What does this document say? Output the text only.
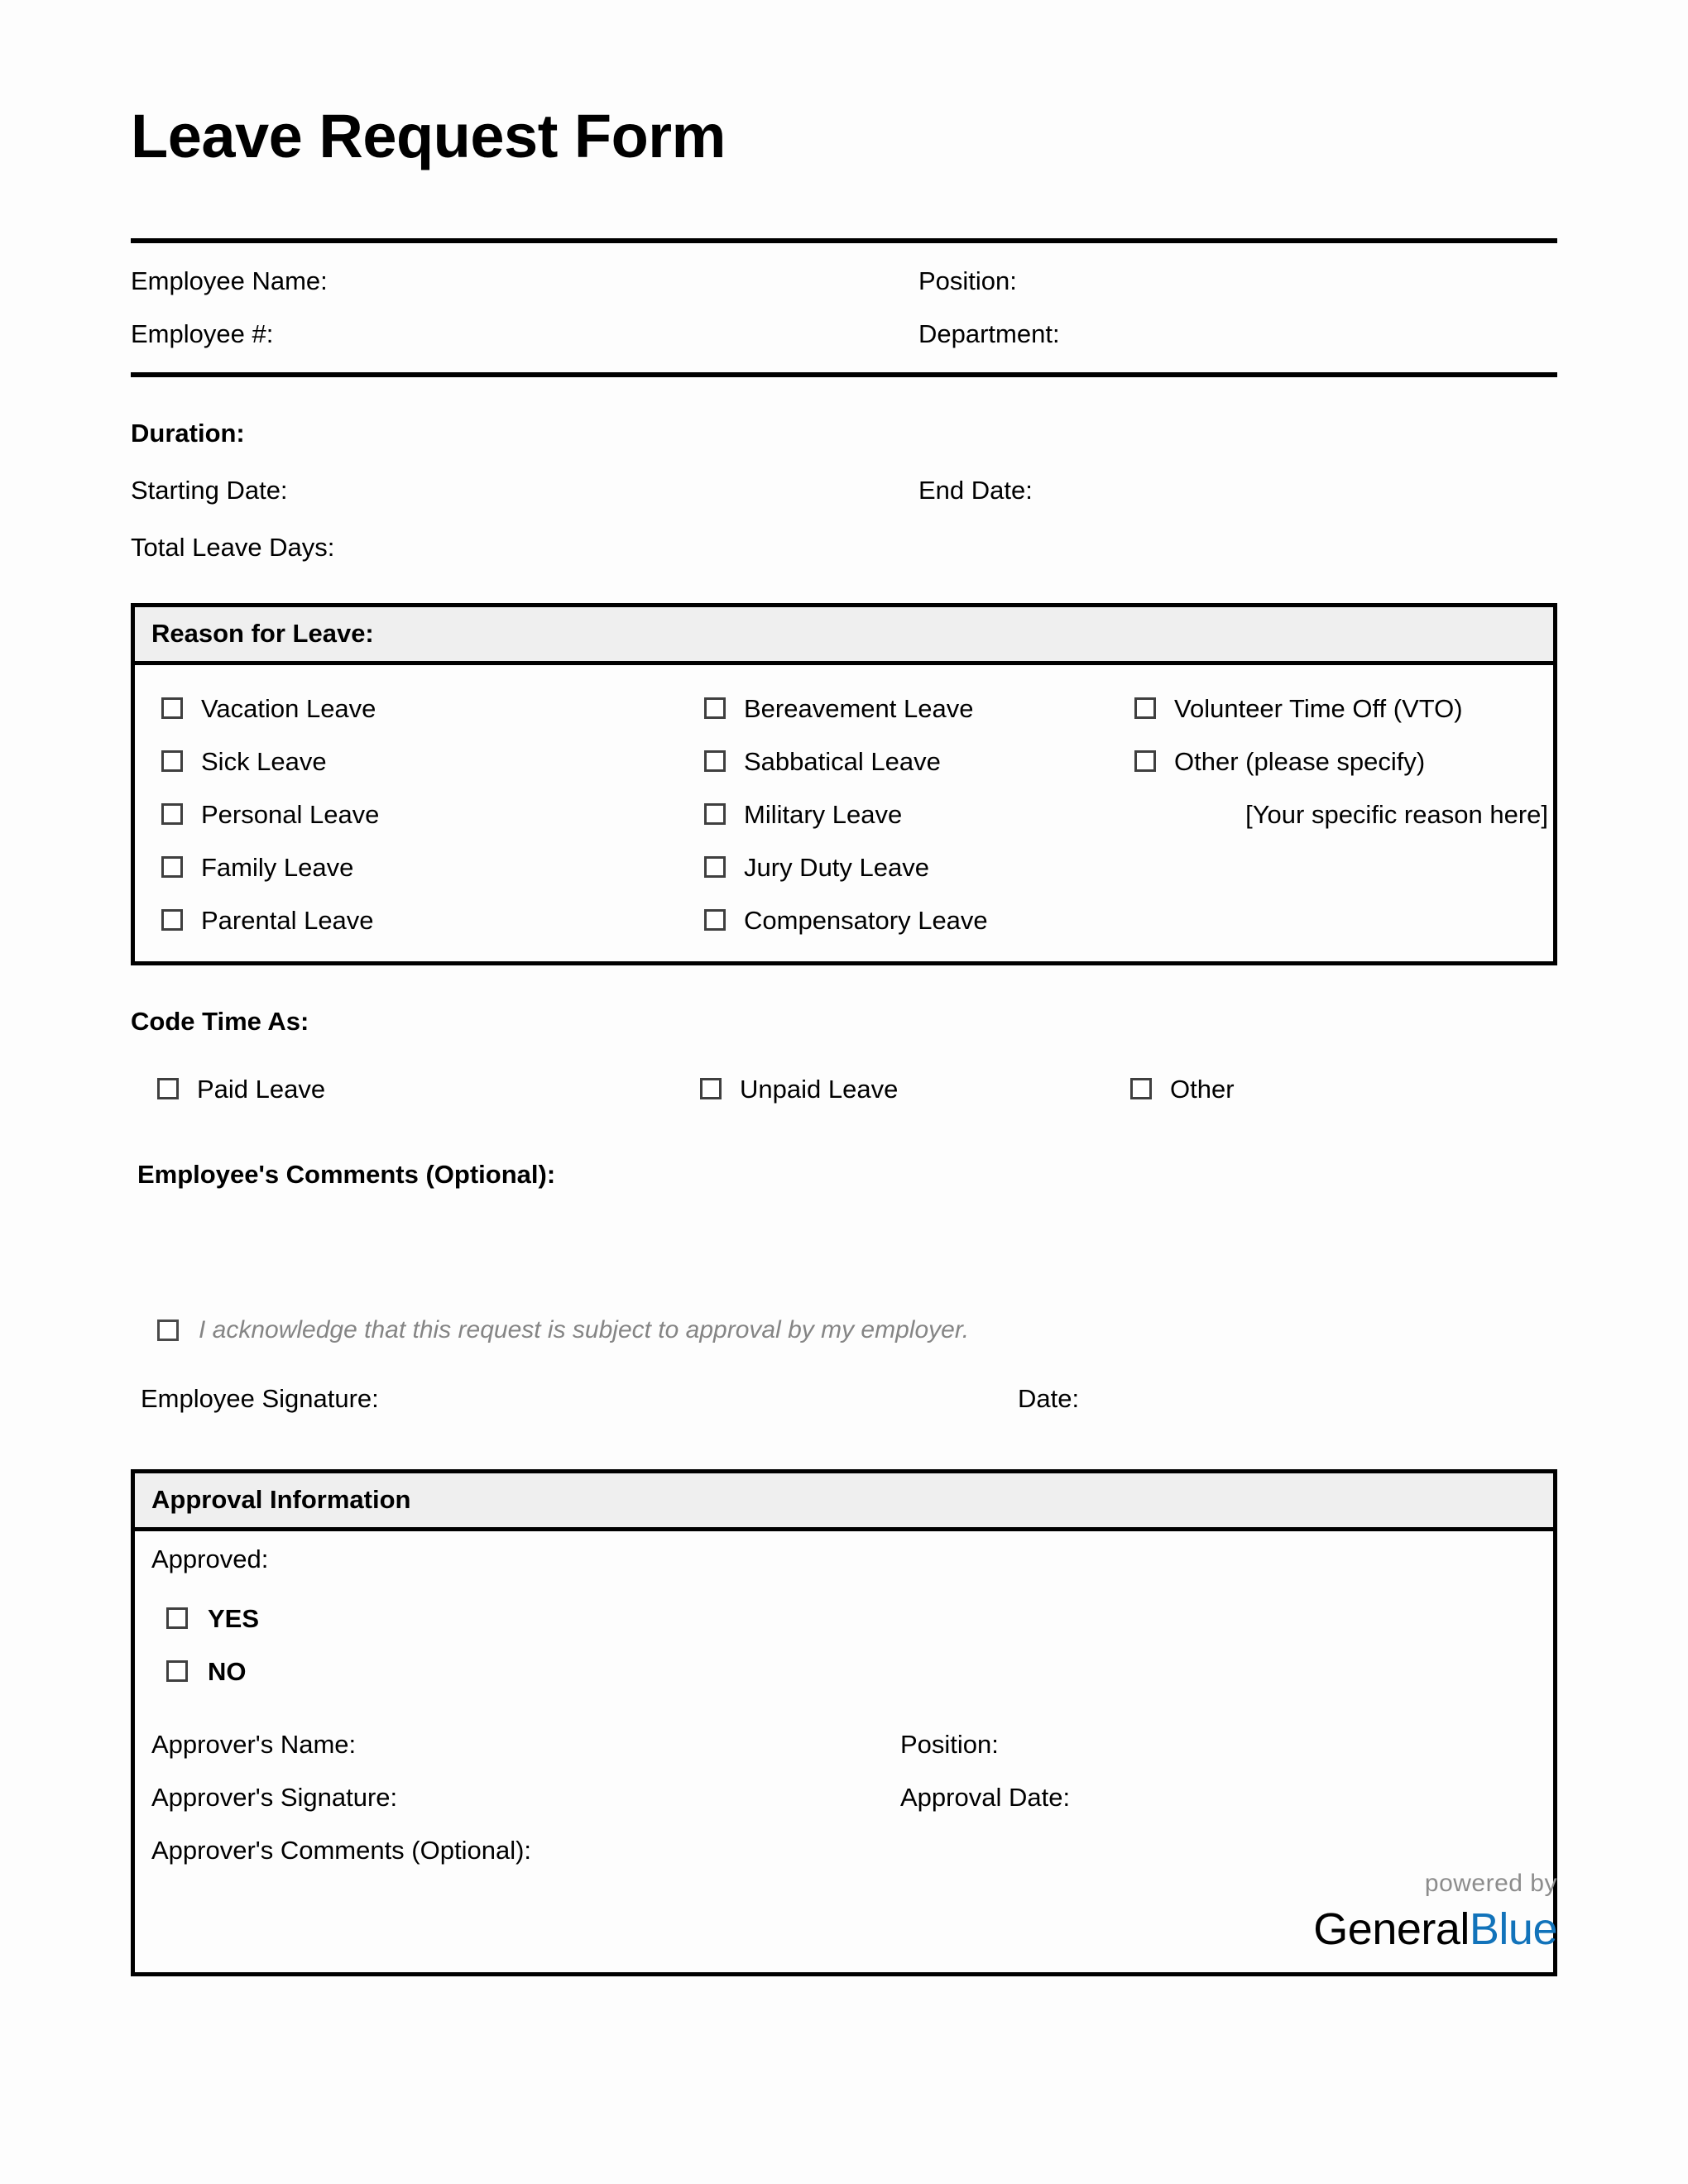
Leave Request Form
Employee Name:	Position:
Employee #:	Department:
Duration:
Starting Date:	End Date:
Total Leave Days:
Reason for Leave:
Vacation Leave	Bereavement Leave	Volunteer Time Off (VTO)
Sick Leave	Sabbatical Leave	Other (please specify)
Personal Leave	Military Leave	[Your specific reason here]
Family Leave	Jury Duty Leave
Parental Leave	Compensatory Leave
Code Time As:
Paid Leave	Unpaid Leave	Other
Employee's Comments (Optional):
I acknowledge that this request is subject to approval by my employer.
Employee Signature:	Date:
Approval Information
Approved:
YES
NO
Approver's Name:	Position:
Approver's Signature:	Approval Date:
Approver's Comments (Optional):
powered by
GeneralBlue
